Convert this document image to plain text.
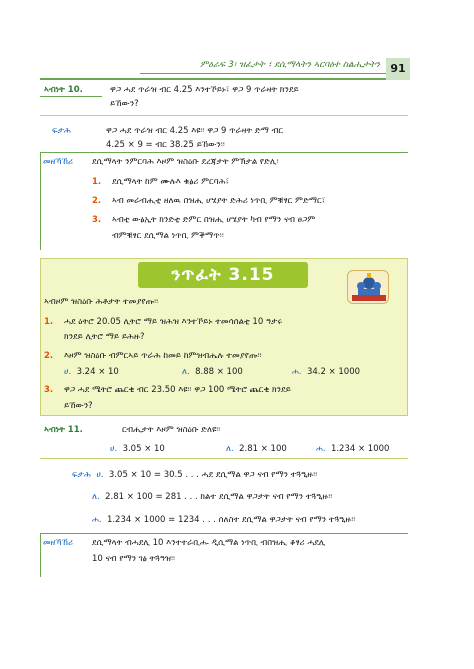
ምዕራፍ 3፡ ዝፈታት ፣ ደሲማላትን ኣርባዕተ ስልሒታትን 91
ኣብነት 10.	ዋጋ ሓደ ጥራዝ ብር 4.25 እንተኾይኑ፣ ዋጋ 9 ጥራዛት ክንደይ
ይኸውን?
ፍታሕ	ዋጋ ሓደ ጥራዝ ብር 4.25 እዩ፡፡ ዋጋ 9 ጥራዛት ድማ ብር
4.25 × 9 = ብር 38.25 ይኸውን፡፡
መዘኻኸሪ ደሲማላት ንምርባሕ እዞም ዝስዕቡ ደረጃታት ምኽታል የድሊ፡
1. ደሲማላት ከም ሙሉእ ቁፅሪ ምርባሕ፣
2. ኣብ መራብሒቲ ዘለዉ በዝሒ ሆሄያት ድሕሪ ነጥቢ ምቑፃር ምድማር፣
3. ኣብቲ ውፅኢት ክንድቲ ድምር በዝሒ ሆሄያት ካብ የማን ናብ ፀጋም
ብምቑፃር ደሲማል ነጥቢ ምቕማጥ፡፡
ንጥፈት 3.15
ኣብዞም ዝስዕቡ ሕቶታት ተመያየጡ፡፡
1. ሓደ ዕትሮ 20.05 ሊትሮ ማይ ዝሕዝ እንተኾይኑ ተመሳሰልቲ 10 ዓታሩ
ክንደይ ሊትሮ ማይ ይሕዙ?
2. እዞም ዝስዕቡ ብምርኣይ ጥራሕ ከመይ ከምዝብሔሉ ተመያየጡ፡፡
ሀ. 3.24 × 10	ለ. 8.88 × 100	ሐ. 34.2 × 1000
3. ዋጋ ሓደ ሜትሮ ጨርቂ ብር 23.50 እዩ፡፡ ዋጋ 100 ሜትሮ ጨርቂ ክንደይ
ይኸውን?
ኣብነት 11.	ርብሒታት እዞም ዝስዕቡ ድለዩ፡፡
ሀ. 3.05 × 10	ለ. 2.81 × 100	ሐ. 1.234 × 1000
ፍታሕ ሀ. 3.05 × 10 = 30.5 . . . ሓደ ደሲማል ዋጋ ናብ የማን ተጓዒዙ፡፡
ለ. 2.81 × 100 = 281 . . . ክልተ ደሲማል ዋጋታት ናብ የማን ተጓዒዙ፡፡
ሐ. 1.234 × 1000 = 1234 . . . ሰለስተ ደሲማል ዋጋታት ናብ የማን ተጓዒዙ፡፡
መዘኻኸሪ ደሲማላት ብሓደሊ 10 እንተተራቢሑ ዲሲማል ነጥቢ ብበዝሒ ቆፃሪ ሓደሊ
10 ናብ የማን ገፅ ትጓዓዝ፡፡
